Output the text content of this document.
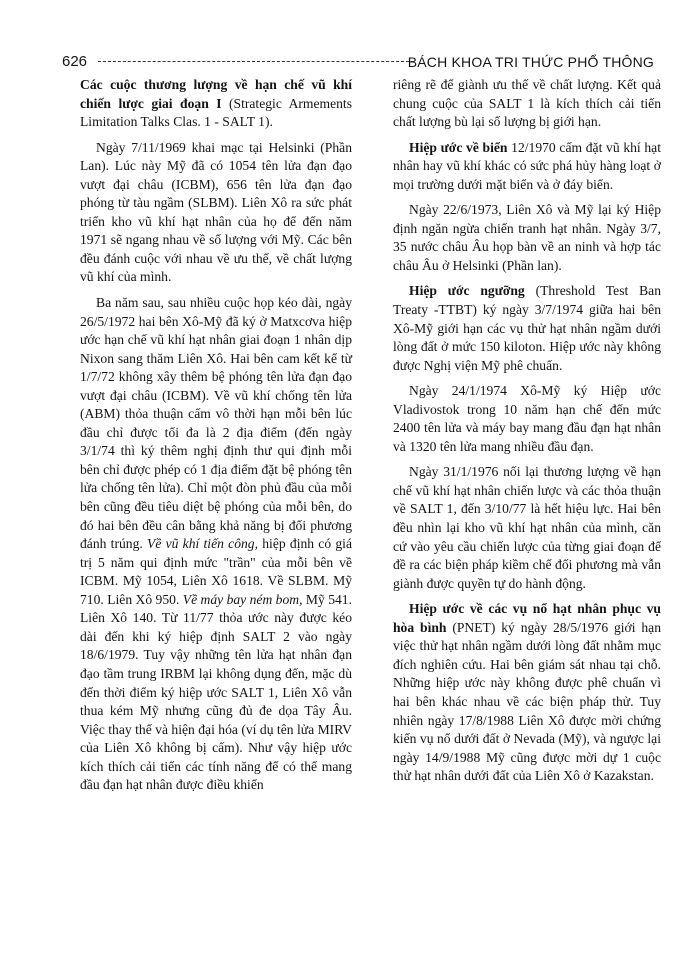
626	BÁCH KHOA TRI THỨC PHỔ THÔNG

Các cuộc thương lượng về hạn chế vũ khí chiến lược giai đoạn I (Strategic Armements Limitation Talks Clas. 1 - SALT 1).

Ngày 7/11/1969 khai mạc tại Helsinki (Phần Lan). Lúc này Mỹ đã có 1054 tên lửa đạn đạo vượt đại châu (ICBM), 656 tên lửa đạn đạo phóng từ tàu ngầm (SLBM). Liên Xô ra sức phát triển kho vũ khí hạt nhân của họ để đến năm 1971 sẽ ngang nhau về số lượng với Mỹ. Các bên đều đánh cuộc với nhau về ưu thế, về chất lượng vũ khí của mình.

Ba năm sau, sau nhiều cuộc họp kéo dài, ngày 26/5/1972 hai bên Xô-Mỹ đã ký ở Matxcơva hiệp ước hạn chế vũ khí hạt nhân giai đoạn 1 nhân dịp Nixon sang thăm Liên Xô. Hai bên cam kết kể từ 1/7/72 không xây thêm bệ phóng tên lửa đạn đạo vượt đại châu (ICBM). Về vũ khí chống tên lửa (ABM) thỏa thuận cấm vô thời hạn mỗi bên lúc đầu chỉ được tối đa là 2 địa điểm (đến ngày 3/1/74 thì ký thêm nghị định thư qui định mỗi bên chỉ được phép có 1 địa điểm đặt bệ phóng tên lửa chống tên lửa). Chỉ một đòn phủ đầu của mỗi bên cũng đều tiêu diệt bệ phóng của mỗi bên, do đó hai bên đều cân bằng khả năng bị đối phương đánh trúng. Về vũ khí tiến công, hiệp định có giá trị 5 năm qui định mức "trần" của mỗi bên về ICBM. Mỹ 1054, Liên Xô 1618. Về SLBM. Mỹ 710. Liên Xô 950. Về máy bay ném bom, Mỹ 541. Liên Xô 140. Từ 11/77 thỏa ước này được kéo dài đến khi ký hiệp định SALT 2 vào ngày 18/6/1979. Tuy vậy những tên lửa hạt nhân đạn đạo tầm trung IRBM lại không dụng đến, mặc dù đến thời điểm ký hiệp ước SALT 1, Liên Xô vẫn thua kém Mỹ nhưng cũng đủ đe dọa Tây Âu. Việc thay thế và hiện đại hóa (ví dụ tên lửa MIRV của Liên Xô không bị cấm). Như vậy hiệp ước kích thích cải tiến các tính năng để có thể mang đầu đạn hạt nhân được điều khiển

riêng rẽ để giành ưu thế về chất lượng. Kết quả chung cuộc của SALT 1 là kích thích cải tiến chất lượng bù lại số lượng bị giới hạn.

Hiệp ước về biển 12/1970 cấm đặt vũ khí hạt nhân hay vũ khí khác có sức phá hủy hàng loạt ở mọi trường dưới mặt biển và ở đáy biển.

Ngày 22/6/1973, Liên Xô và Mỹ lại ký Hiệp định ngăn ngừa chiến tranh hạt nhân. Ngày 3/7, 35 nước châu Âu họp bàn về an ninh và hợp tác châu Âu ở Helsinki (Phần lan).

Hiệp ước ngưỡng (Threshold Test Ban Treaty -TTBT) ký ngày 3/7/1974 giữa hai bên Xô-Mỹ giới hạn các vụ thử hạt nhân ngầm dưới lòng đất ở mức 150 kiloton. Hiệp ước này không được Nghị viện Mỹ phê chuẩn.

Ngày 24/1/1974 Xô-Mỹ ký Hiệp ước Vladivostok trong 10 năm hạn chế đến mức 2400 tên lửa và máy bay mang đầu đạn hạt nhân và 1320 tên lửa mang nhiều đầu đạn.

Ngày 31/1/1976 nối lại thương lượng về hạn chế vũ khí hạt nhân chiến lược và các thỏa thuận về SALT 1, đến 3/10/77 là hết hiệu lực. Hai bên đều nhìn lại kho vũ khí hạt nhân của mình, căn cứ vào yêu cầu chiến lược của từng giai đoạn để đề ra các biện pháp kiềm chế đối phương mà vẫn giành được quyền tự do hành động.

Hiệp ước về các vụ nổ hạt nhân phục vụ hòa bình (PNET) ký ngày 28/5/1976 giới hạn việc thử hạt nhân ngầm dưới lòng đất nhằm mục đích nghiên cứu. Hai bên giám sát nhau tại chỗ. Những hiệp ước này không được phê chuẩn vì hai bên khác nhau về các biện pháp thử. Tuy nhiên ngày 17/8/1988 Liên Xô được mời chứng kiến vụ nổ dưới đất ở Nevada (Mỹ), và ngược lại ngày 14/9/1988 Mỹ cũng được mời dự 1 cuộc thử hạt nhân dưới đất của Liên Xô ở Kazakstan.
